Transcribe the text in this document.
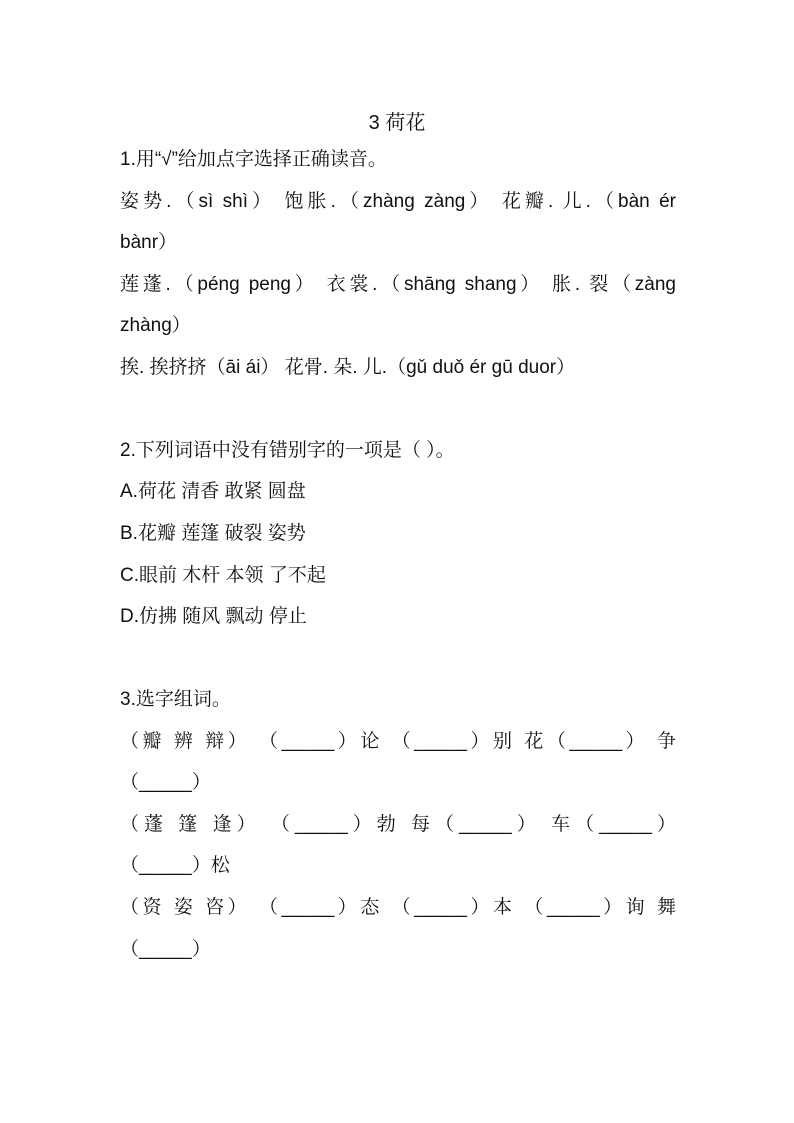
3 荷花
1.用“√”给加点字选择正确读音。
姿势.（sì shì） 饱胀.（zhàng zàng） 花瓣. 儿.（bàn ér
bànr）
莲蓬.（péng peng） 衣裳.（shāng shang） 胀. 裂（zàng
zhàng）
挨. 挨挤挤（āi ái） 花骨. 朵. 儿.（gǔ duǒ ér gū duor）
2.下列词语中没有错别字的一项是（ ）。
A.荷花 清香 敢紧 圆盘
B.花瓣 莲篷 破裂 姿势
C.眼前 木杆 本领 了不起
D.仿拂 随风 飘动 停止
3.选字组词。
（瓣 辨 辩） （_____）论 （_____）别 花（_____） 争
（_____）
（蓬 篷 逢） （_____）勃 每（_____） 车（_____）
（_____）松
（资 姿 咨） （_____）态 （_____）本 （_____）询 舞
（_____）
